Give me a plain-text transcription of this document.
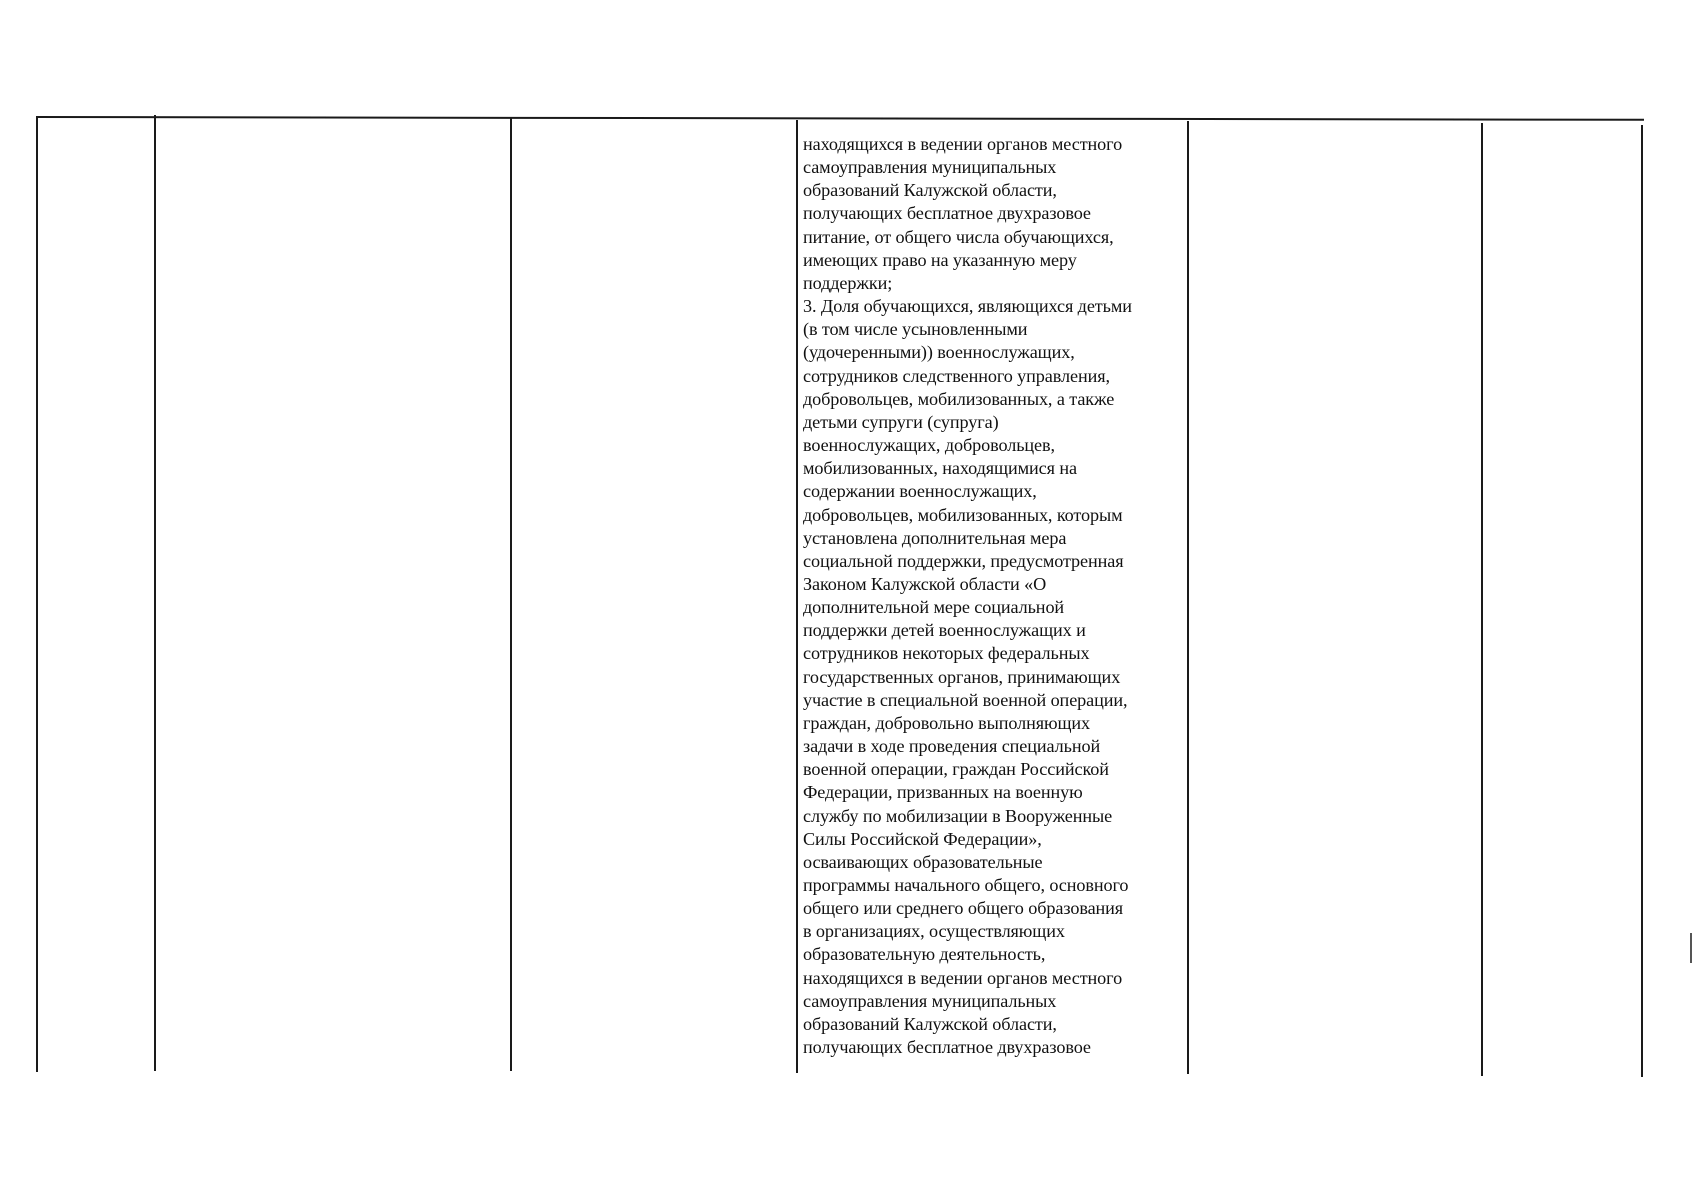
находящихся в ведении органов местного
самоуправления муниципальных
образований Калужской области,
получающих бесплатное двухразовое
питание, от общего числа обучающихся,
имеющих право на указанную меру
поддержки;
3. Доля обучающихся, являющихся детьми
(в том числе усыновленными
(удочеренными)) военнослужащих,
сотрудников следственного управления,
добровольцев, мобилизованных, а также
детьми супруги (супруга)
военнослужащих, добровольцев,
мобилизованных, находящимися на
содержании военнослужащих,
добровольцев, мобилизованных, которым
установлена дополнительная мера
социальной поддержки, предусмотренная
Законом Калужской области «О
дополнительной мере социальной
поддержки детей военнослужащих и
сотрудников некоторых федеральных
государственных органов, принимающих
участие в специальной военной операции,
граждан, добровольно выполняющих
задачи в ходе проведения специальной
военной операции, граждан Российской
Федерации, призванных на военную
службу по мобилизации в Вооруженные
Силы Российской Федерации»,
осваивающих образовательные
программы начального общего, основного
общего или среднего общего образования
в организациях, осуществляющих
образовательную деятельность,
находящихся в ведении органов местного
самоуправления муниципальных
образований Калужской области,
получающих бесплатное двухразовое
